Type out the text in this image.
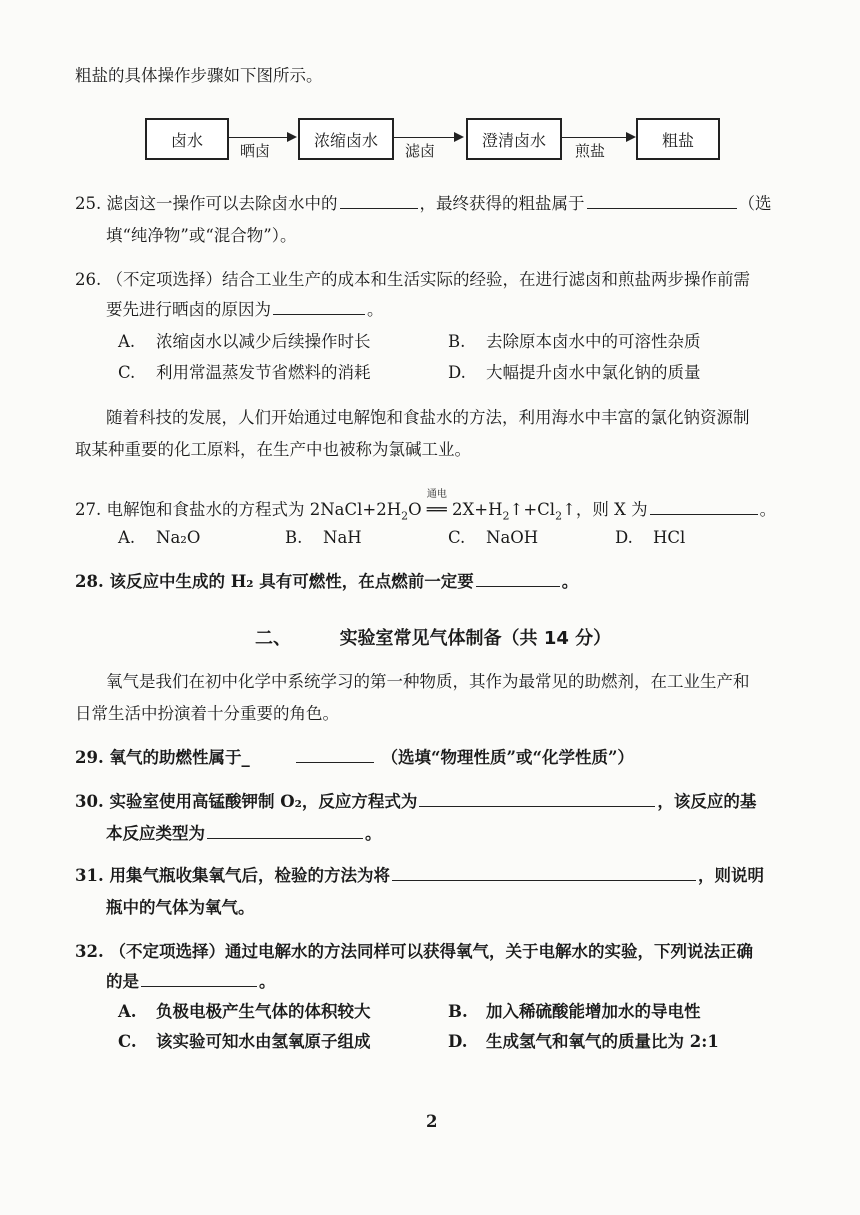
粗盐的具体操作步骤如下图所示。
卤水
晒卤
浓缩卤水
滤卤
澄清卤水
煎盐
粗盐
25. 滤卤这一操作可以去除卤水中的	，最终获得的粗盐属于	（选
填“纯净物”或“混合物”）。
26. （不定项选择）结合工业生产的成本和生活实际的经验，在进行滤卤和煎盐两步操作前需
要先进行晒卤的原因为	。
A. 浓缩卤水以减少后续操作时长	B. 去除原本卤水中的可溶性杂质
C. 利用常温蒸发节省燃料的消耗	D. 大幅提升卤水中氯化钠的质量
随着科技的发展，人们开始通过电解饱和食盐水的方法，利用海水中丰富的氯化钠资源制
取某种重要的化工原料，在生产中也被称为氯碱工业。
27. 电解饱和食盐水的方程式为 $2NaCl+2H_2O$
通电
══ $2X+H_2↑+Cl_2↑$，则 X 为	。
A. Na₂O	B. NaH	C. NaOH	D. HCl
28. 该反应中生成的 H₂ 具有可燃性，在点燃前一定要	。
二、	实验室常见气体制备（共 14 分）
氧气是我们在初中化学中系统学习的第一种物质，其作为最常见的助燃剂，在工业生产和
日常生活中扮演着十分重要的角色。
29. 氧气的助燃性属于_	（选填“物理性质”或“化学性质”）
30. 实验室使用高锰酸钾制 O₂，反应方程式为	，该反应的基
本反应类型为	。
31. 用集气瓶收集氧气后，检验的方法为将	，则说明
瓶中的气体为氧气。
32. （不定项选择）通过电解水的方法同样可以获得氧气，关于电解水的实验，下列说法正确
的是	。
A. 负极电极产生气体的体积较大	B. 加入稀硫酸能增加水的导电性
C. 该实验可知水由氢氧原子组成	D. 生成氢气和氧气的质量比为 2:1
2
